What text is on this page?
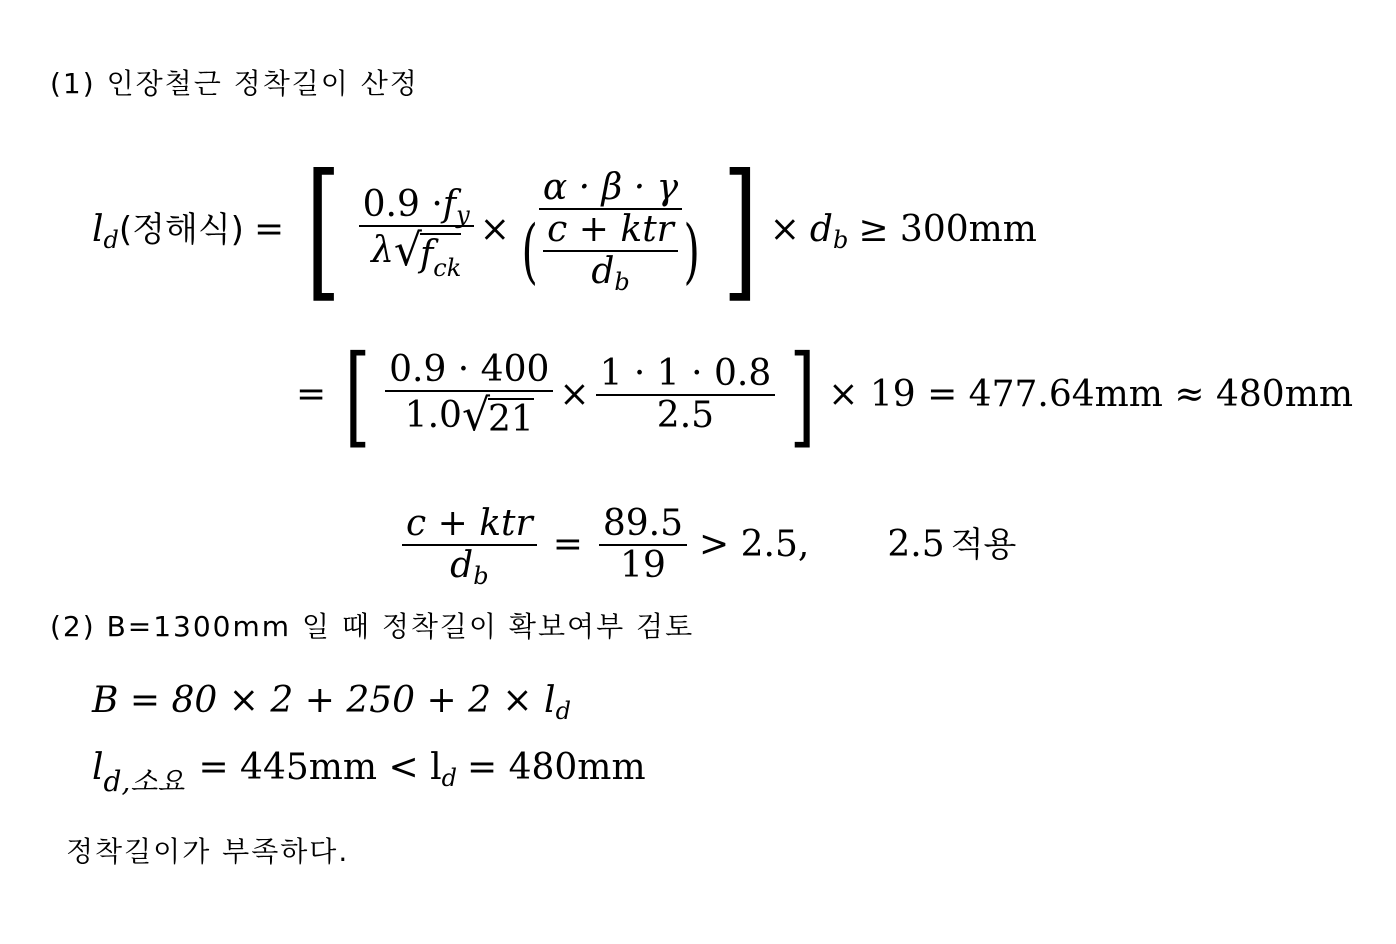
(1) 인장철근 정착길이 산정
l d (정해식) = [ 0.9 · f y
λ √
$f_{ck} \times \frac{\alpha \cdot \beta \cdot \gamma}{( \frac{\text{c + ktr}}{\text{d b}} )}$ ] × d b ≥ 300mm
= [ 0.9 · 400
1.0 √
$21 \times \frac{1 \cdot 1 \cdot 0.8}{2.5}$ ] × 19 = 477.64mm ≈ 480mm
$\frac{\text{c + ktr}}{\text{d b}} = \frac{89.5}{19} > 2.5$, 2.5 적용
(2) B=1300mm 일 때 정착길이 확보여부 검토
B = 80 × 2 + 250 + 2 × l d
l d,소요 = 445mm < l d = 480mm
정착길이가 부족하다.
